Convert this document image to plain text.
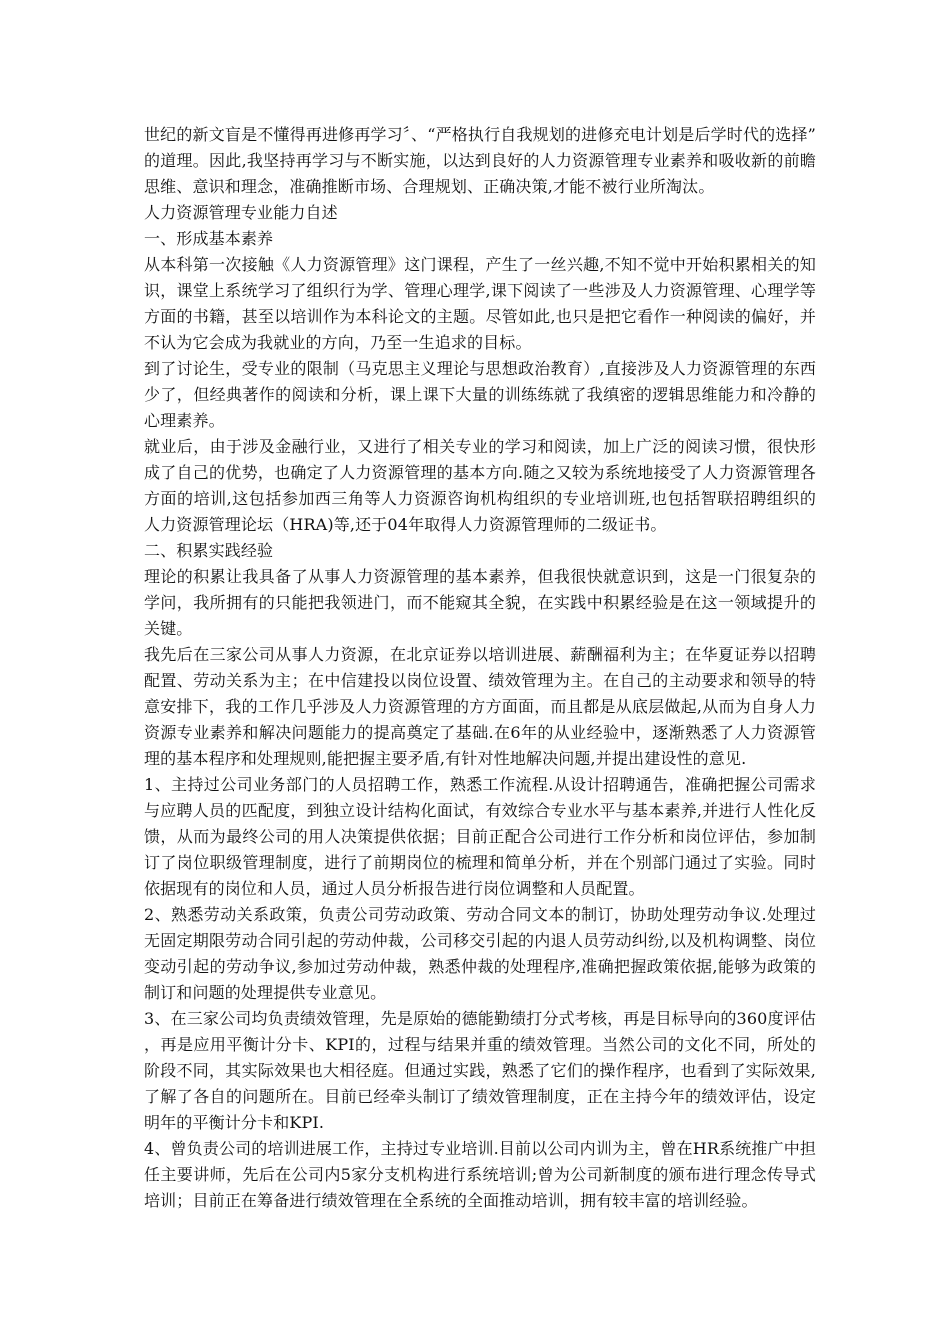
世纪的新文盲是不懂得再进修再学习〞、“严格执行自我规划的进修充电计划是后学时代的选择”的道理。因此,我坚持再学习与不断实施，以达到良好的人力资源管理专业素养和吸收新的前瞻思维、意识和理念，准确推断市场、合理规划、正确决策,才能不被行业所淘汰。

人力资源管理专业能力自述

一、形成基本素养

从本科第一次接触《人力资源管理》这门课程，产生了一丝兴趣,不知不觉中开始积累相关的知识，课堂上系统学习了组织行为学、管理心理学,课下阅读了一些涉及人力资源管理、心理学等方面的书籍，甚至以培训作为本科论文的主题。尽管如此,也只是把它看作一种阅读的偏好，并不认为它会成为我就业的方向，乃至一生追求的目标。

到了讨论生，受专业的限制（马克思主义理论与思想政治教育）,直接涉及人力资源管理的东西少了，但经典著作的阅读和分析，课上课下大量的训练练就了我缜密的逻辑思维能力和冷静的心理素养。

就业后，由于涉及金融行业，又进行了相关专业的学习和阅读，加上广泛的阅读习惯，很快形成了自己的优势，也确定了人力资源管理的基本方向.随之又较为系统地接受了人力资源管理各方面的培训,这包括参加西三角等人力资源咨询机构组织的专业培训班,也包括智联招聘组织的人力资源管理论坛（HRA)等,还于04年取得人力资源管理师的二级证书。

二、积累实践经验

理论的积累让我具备了从事人力资源管理的基本素养，但我很快就意识到，这是一门很复杂的学问，我所拥有的只能把我领进门，而不能窥其全貌，在实践中积累经验是在这一领域提升的关键。

我先后在三家公司从事人力资源，在北京证券以培训进展、薪酬福利为主；在华夏证券以招聘配置、劳动关系为主；在中信建投以岗位设置、绩效管理为主。在自己的主动要求和领导的特意安排下，我的工作几乎涉及人力资源管理的方方面面，而且都是从底层做起,从而为自身人力资源专业素养和解决问题能力的提高奠定了基础.在6年的从业经验中，逐渐熟悉了人力资源管理的基本程序和处理规则,能把握主要矛盾,有针对性地解决问题,并提出建设性的意见.

1、主持过公司业务部门的人员招聘工作，熟悉工作流程.从设计招聘通告，准确把握公司需求与应聘人员的匹配度，到独立设计结构化面试，有效综合专业水平与基本素养,并进行人性化反馈，从而为最终公司的用人决策提供依据；目前正配合公司进行工作分析和岗位评估，参加制订了岗位职级管理制度，进行了前期岗位的梳理和简单分析，并在个别部门通过了实验。同时依据现有的岗位和人员，通过人员分析报告进行岗位调整和人员配置。

2、熟悉劳动关系政策，负责公司劳动政策、劳动合同文本的制订，协助处理劳动争议.处理过无固定期限劳动合同引起的劳动仲裁，公司移交引起的内退人员劳动纠纷,以及机构调整、岗位变动引起的劳动争议,参加过劳动仲裁，熟悉仲裁的处理程序,准确把握政策依据,能够为政策的制订和问题的处理提供专业意见。

3、在三家公司均负责绩效管理，先是原始的德能勤绩打分式考核，再是目标导向的360度评估，再是应用平衡计分卡、KPI的，过程与结果并重的绩效管理。当然公司的文化不同，所处的阶段不同，其实际效果也大相径庭。但通过实践，熟悉了它们的操作程序，也看到了实际效果,了解了各自的问题所在。目前已经牵头制订了绩效管理制度，正在主持今年的绩效评估，设定明年的平衡计分卡和KPI.

4、曾负责公司的培训进展工作，主持过专业培训.目前以公司内训为主，曾在HR系统推广中担任主要讲师，先后在公司内5家分支机构进行系统培训;曾为公司新制度的颁布进行理念传导式培训；目前正在筹备进行绩效管理在全系统的全面推动培训，拥有较丰富的培训经验。
